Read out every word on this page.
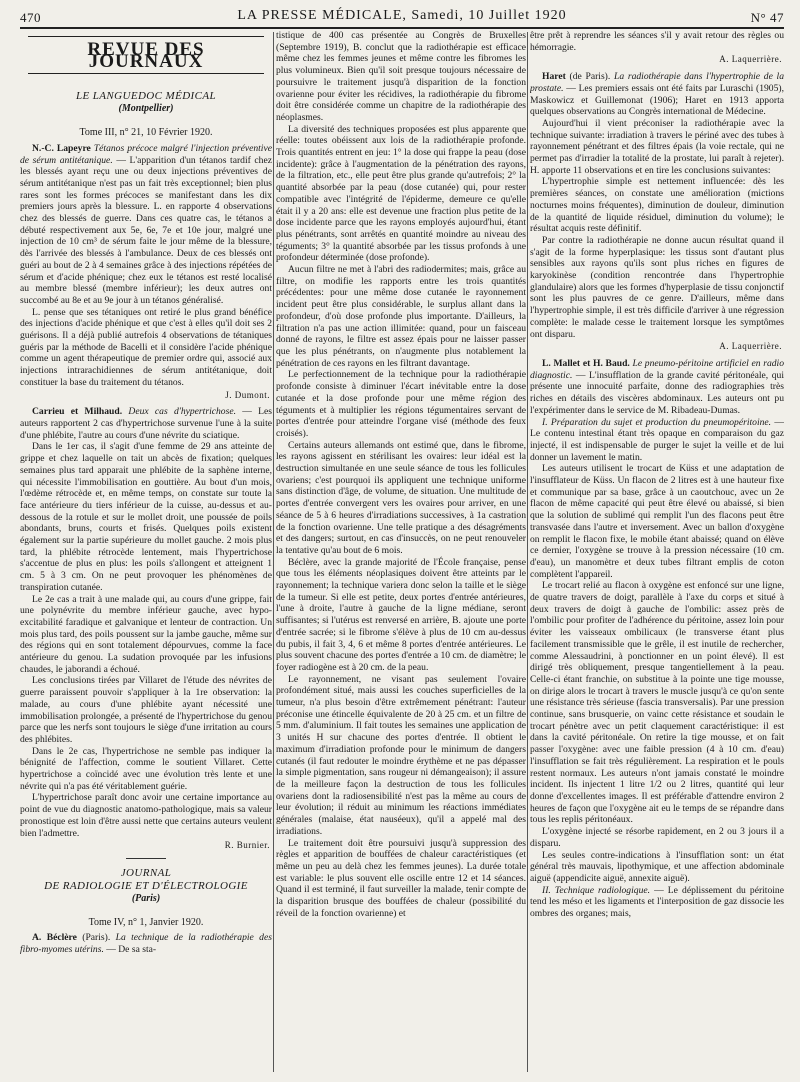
470	LA PRESSE MÉDICALE, Samedi, 10 Juillet 1920	N° 47
REVUE DES JOURNAUX
LE LANGUEDOC MÉDICAL
(Montpellier)
Tome III, n° 21, 10 Février 1920.

N.-C. Lapeyre Tétanos précoce malgré l'injection préventive de sérum antitétanique. — L'apparition d'un tétanos tardif chez les blessés ayant reçu une ou deux injections préventives de sérum antitétanique n'est pas un fait très exceptionnel; bien plus rares sont les formes précoces se manifestant dans les dix premiers jours après la blessure. L. en rapporte 4 observations chez des blessés de guerre. Dans ces quatre cas, le tétanos a débuté respectivement aux 5e, 6e, 7e et 10e jour, malgré une injection de 10 cm³ de sérum faite le jour même de la blessure, dès l'arrivée des blessés à l'ambulance. Deux de ces blessés ont guéri au bout de 2 à 4 semaines grâce à des injections répétées de sérum et d'acide phénique; chez eux le tétanos est resté localisé au membre blessé (membre inférieur); les deux autres ont succombé au 8e et au 9e jour à un tétanos généralisé.

L. pense que ses tétaniques ont retiré le plus grand bénéfice des injections d'acide phénique et que c'est à elles qu'il doit ses 2 guérisons. Il a déjà publié autrefois 4 observations de tétaniques guéris par la méthode de Bacelli et il considère l'acide phénique comme un agent thérapeutique de premier ordre qui, associé aux injections intrarachidiennes de sérum antitétanique, doit constituer la base du traitement du tétanos.

J. Dumont.

Carrieu et Milhaud. Deux cas d'hypertrichose. — Les auteurs rapportent 2 cas d'hypertrichose survenue l'une à la suite d'une phlébite, l'autre au cours d'une névrite du sciatique.

Dans le 1er cas, il s'agit d'une femme de 29 ans atteinte de grippe et chez laquelle on tait un abcès de fixation; quelques semaines plus tard apparait une phlébite de la saphène interne, qui nécessite l'immobilisation en gouttière. Au bout d'un mois, l'œdème rétrocède et, en même temps, on constate sur toute la face antérieure du tiers inférieur de la cuisse, au-dessus et au-dessous de la rotule et sur le mollet droit, une poussée de poils abondants, bruns, courts et frisés. Quelques poils existent également sur la partie supérieure du mollet gauche. 2 mois plus tard, la phlébite rétrocède lentement, mais l'hypertrichose s'accentue de plus en plus: les poils s'allongent et atteignent 1 cm. 5 à 3 cm. On ne peut provoquer les phénomènes de transpiration cutanée.

Le 2e cas a trait à une malade qui, au cours d'une grippe, fait une polynévrite du membre inférieur gauche, avec hypo-excitabilité faradique et galvanique et lenteur de contraction. Un mois plus tard, des poils poussent sur la jambe gauche, même sur des régions qui en sont totalement dépourvues, comme la face antérieure du genou. La sudation provoquée par les infusions chaudes, le jaborandi a échoué.

Les conclusions tirées par Villaret de l'étude des névrites de guerre paraissent pouvoir s'appliquer à la 1re observation: la malade, au cours d'une phlébite ayant nécessité une immobilisation prolongée, a présenté de l'hypertrichose du genou parce que les nerfs sont toujours le siège d'une irritation au cours des phlébites.

Dans le 2e cas, l'hypertrichose ne semble pas indiquer la bénignité de l'affection, comme le soutient Villaret. Cette hypertrichose a coïncidé avec une évolution très lente et une névrite qui n'a pas été véritablement guérie.

L'hypertrichose paraît donc avoir une certaine importance au point de vue du diagnostic anatomo-pathologique, mais sa valeur pronostique est loin d'être aussi nette que certains auteurs veulent bien l'admettre.

R. Burnier.
JOURNAL
DE RADIOLOGIE ET D'ÉLECTROLOGIE
(Paris)
Tome IV, n° 1, Janvier 1920.

A. Béclère (Paris). La technique de la radiothérapie des fibro-myomes utérins. — De sa sta-

tistique de 400 cas présentée au Congrès de Bruxelles (Septembre 1919), B. conclut que la radiothérapie est efficace même chez les femmes jeunes et même contre les fibromes les plus volumineux. Bien qu'il soit presque toujours nécessaire de poursuivre le traitement jusqu'à disparition de la fonction ovarienne pour éviter les récidives, la radiothérapie du fibrome doit être considérée comme un chapitre de la radiothérapie des néoplasmes.

La diversité des techniques proposées est plus apparente que réelle: toutes obéissent aux lois de la radiothérapie profonde. Trois quantités entrent en jeu: 1° la dose qui frappe la peau (dose incidente): grâce à l'augmentation de la pénétration des rayons, de la filtration, etc., elle peut être plus grande qu'autrefois; 2° la quantité absorbée par la peau (dose cutanée) qui, pour rester compatible avec l'intégrité de l'épiderme, demeure ce qu'elle était il y a 20 ans: elle est devenue une fraction plus petite de la dose incidente parce que les rayons employés aujourd'hui, étant plus pénétrants, sont arrêtés en quantité moindre au niveau des téguments; 3° la quantité absorbée par les tissus profonds à une profondeur déterminée (dose profonde).

Aucun filtre ne met à l'abri des radiodermites; mais, grâce au filtre, on modifie les rapports entre les trois quantités précédentes: pour une même dose cutanée le rayonnement incident peut être plus considérable, le surplus allant dans la profondeur, d'où dose profonde plus importante. D'ailleurs, la filtration n'a pas une action illimitée: quand, pour un faisceau donné de rayons, le filtre est assez épais pour ne laisser passer que les plus pénétrants, on n'augmente plus notablement la pénétration de ces rayons en les filtrant davantage.

Le perfectionnement de la technique pour la radiothérapie profonde consiste à diminuer l'écart inévitable entre la dose cutanée et la dose profonde pour une même région des téguments et à multiplier les régions tégumentaires servant de portes d'entrée pour atteindre l'organe visé (méthode des feux croisés).

Certains auteurs allemands ont estimé que, dans le fibrome, les rayons agissent en stérilisant les ovaires: leur idéal est la destruction simultanée en une seule séance de tous les follicules ovariens; c'est pourquoi ils appliquent une technique uniforme sans distinction d'âge, de volume, de situation. Une multitude de portes d'entrée convergent vers les ovaires pour arriver, en une séance de 5 à 6 heures d'irradiations successives, à 1a castration de la fonction ovarienne. Une telle pratique a des désagréments et des dangers; surtout, en cas d'insuccès, on ne peut renouveler la tentative qu'au bout de 6 mois.

Béclère, avec la grande majorité de l'École française, pense que tous les éléments néoplasiques doivent être atteints par le rayonnement; la technique variera donc selon la taille et le siège de la tumeur. Si elle est petite, deux portes d'entrée antérieures, l'une à droite, l'autre à gauche de la ligne médiane, seront suffisantes; si l'utérus est renversé en arrière, B. ajoute une porte d'entrée sacrée; si le fibrome s'élève à plus de 10 cm au-dessus du pubis, il fait 3, 4, 6 et même 8 portes d'entrée antérieures. Le plus souvent chacune des portes d'entrée a 10 cm. de diamètre; le foyer radiogène est à 20 cm. de la peau.

Le rayonnement, ne visant pas seulement l'ovaire profondément situé, mais aussi les couches superficielles de la tumeur, n'a plus besoin d'être extrêmement pénétrant: l'auteur préconise une étincelle équivalente de 20 à 25 cm. et un filtre de 5 mm. d'aluminium. Il fait toutes les semaines une application de 3 unités H sur chacune des portes d'entrée. Il obtient le maximum d'irradiation profonde pour le minimum de dangers cutanés (il faut redouter le moindre érythème et ne pas dépasser la simple pigmentation, sans rougeur ni démangeaison); il assure de la meilleure façon la destruction de tous les follicules ovariens dont la radiosensibilité n'est pas la même au cours de leur évolution; il réduit au minimum les réactions immédiates générales (malaise, état nauséeux), qu'il a appelé mal des irradiations.

Le traitement doit être poursuivi jusqu'à suppression des règles et apparition de bouffées de chaleur caractéristiques (et même un peu au delà chez les femmes jeunes). La durée totale est variable: le plus souvent elle oscille entre 12 et 14 séances. Quand il est terminé, il faut surveiller la malade, tenir compte de la disparition brusque des bouffées de chaleur (possibilité du réveil de la fonction ovarienne) et

être prêt à reprendre les séances s'il y avait retour des règles ou hémorragie.

A. Laquerrière.

Haret (de Paris). La radiothérapie dans l'hypertrophie de la prostate. — Les premiers essais ont été faits par Luraschi (1905), Maskowicz et Guillemonat (1906); Haret en 1913 apporta quelques observations au Congrès international de Médecine.

Aujourd'hui il vient préconiser la radiothérapie avec la technique suivante: irradiation à travers le périné avec des tubes à rayonnement pénétrant et des filtres épais (la voie rectale, qui ne permet pas d'irradier la totalité de la prostate, lui paraît à rejeter). H. apporte 11 observations et en tire les conclusions suivantes:

L'hypertrophie simple est nettement influencée: dès les premières séances, on constate une amélioration (mictions nocturnes moins fréquentes), diminution de douleur, diminution de la quantité de liquide résiduel, diminution du volume); le résultat acquis reste définitif.

Par contre la radiothérapie ne donne aucun résultat quand il s'agit de la forme hyperplasique: les tissus sont d'autant plus sensibles aux rayons qu'ils sont plus riches en figures de karyokinèse (condition rencontrée dans l'hypertrophie glandulaire) alors que les formes d'hyperplasie de tissu conjonctif sont les plus pauvres de ce genre. D'ailleurs, même dans l'hypertrophie simple, il est très difficile d'arriver à une régression complète: le malade cesse le traitement lorsque les symptômes ont disparu.

A. Laquerrière.

L. Mallet et H. Baud. Le pneumo-péritoine artificiel en radio diagnostic. — L'insufflation de la grande cavité péritonéale, qui présente une innocuité parfaite, donne des radiographies très riches en détails des viscères abdominaux. Les auteurs ont pu l'expérimenter dans le service de M. Ribadeau-Dumas.

I. Préparation du sujet et production du pneumopéritoine. — Le contenu intestinal étant très opaque en comparaison du gaz injecté, il est indispensable de purger le sujet la veille et de lui donner un lavement le matin.

Les auteurs utilisent le trocart de Küss et une adaptation de l'insufflateur de Küss. Un flacon de 2 litres est à une hauteur fixe et communique par sa base, grâce à un caoutchouc, avec un 2e flacon de même capacité qui peut être élevé ou abaissé, si bien que la solution de sublimé qui remplit l'un des flacons peut être transvasée dans l'autre et inversement. Avec un ballon d'oxygène on remplit le flacon fixe, le mobile étant abaissé; quand on élève ce dernier, l'oxygène se trouve à la pression nécessaire (10 cm. d'eau), un manomètre et deux tubes filtrant emplis de coton complètent l'appareil.

Le trocart relié au flacon à oxygène est enfoncé sur une ligne, de quatre travers de doigt, parallèle à l'axe du corps et situé à deux travers de doigt à gauche de l'ombilic: assez près de l'ombilic pour profiter de l'adhérence du péritoine, assez loin pour éviter les vaisseaux ombilicaux (le transverse étant plus facilement transmissible que le grêle, il est inutile de rechercher, comme Alessaudrini, à ponctionner en un point élevé). Il est dirigé très obliquement, presque tangentiellement à la peau. Celle-ci étant franchie, on substitue à la pointe une tige mousse, on dirige alors le trocart à travers le muscle jusqu'à ce qu'on sente une résistance très sérieuse (fascia transversalis). Par une pression continue, sans brusquerie, on vainc cette résistance et soudain le trocart pénètre avec un petit claquement caractéristique: il est dans la cavité péritonéale. On retire la tige mousse, et on fait passer l'oxygène: avec une faible pression (4 à 10 cm. d'eau) l'insufflation se fait très régulièrement. La respiration et le pouls restent normaux. Les auteurs n'ont jamais constaté le moindre incident. Ils injectent 1 litre 1/2 ou 2 litres, quantité qui leur donne d'excellentes images. Il est préférable d'attendre environ 2 heures de façon que l'oxygène ait eu le temps de se répandre dans tous les replis péritonéaux.

L'oxygène injecté se résorbe rapidement, en 2 ou 3 jours il a disparu.

Les seules contre-indications à l'insufflation sont: un état général très mauvais, lipothymique, et une affection abdominale aiguë (appendicite aiguë, annexite aiguë).

II. Technique radiologique. — Le déplissement du péritoine tend les méso et les ligaments et l'interposition de gaz dissocie les ombres des organes; mais,
